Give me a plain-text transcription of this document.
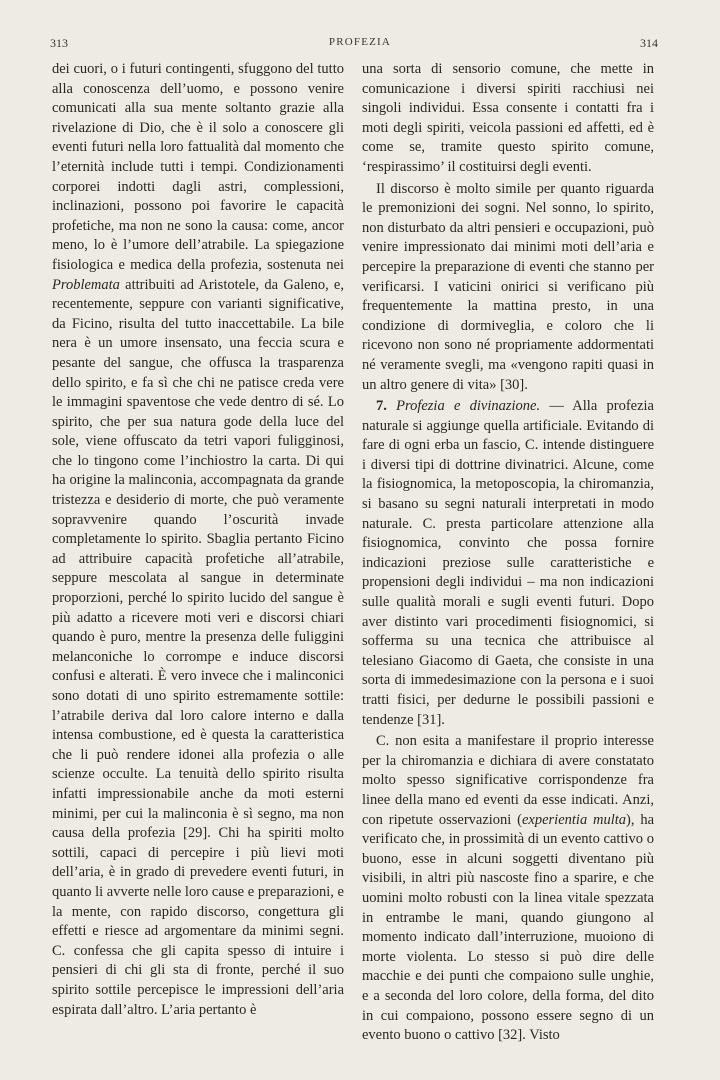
313	PROFEZIA	314

dei cuori, o i futuri contingenti, sfuggono del tutto alla conoscenza dell’uomo, e possono venire comunicati alla sua mente soltanto grazie alla rivelazione di Dio, che è il solo a conoscere gli eventi futuri nella loro fattualità dal momento che l’eternità include tutti i tempi. Condizionamenti corporei indotti dagli astri, complessioni, inclinazioni, possono poi favorire le capacità profetiche, ma non ne sono la causa: come, ancor meno, lo è l’umore dell’atrabile. La spiegazione fisiologica e medica della profezia, sostenuta nei Problemata attribuiti ad Aristotele, da Galeno, e, recentemente, seppure con varianti significative, da Ficino, risulta del tutto inaccettabile. La bile nera è un umore insensato, una feccia scura e pesante del sangue, che offusca la trasparenza dello spirito, e fa sì che chi ne patisce creda vere le immagini spaventose che vede dentro di sé. Lo spirito, che per sua natura gode della luce del sole, viene offuscato da tetri vapori fuligginosi, che lo tingono come l’inchiostro la carta. Di qui ha origine la malinconia, accompagnata da grande tristezza e desiderio di morte, che può veramente sopravvenire quando l’oscurità invade completamente lo spirito. Sbaglia pertanto Ficino ad attribuire capacità profetiche all’atrabile, seppure mescolata al sangue in determinate proporzioni, perché lo spirito lucido del sangue è più adatto a ricevere moti veri e discorsi chiari quando è puro, mentre la presenza delle fuliggini melanconiche lo corrompe e induce discorsi confusi e alterati. È vero invece che i malinconici sono dotati di uno spirito estremamente sottile: l’atrabile deriva dal loro calore interno e dalla intensa combustione, ed è questa la caratteristica che li può rendere idonei alla profezia o alle scienze occulte. La tenuità dello spirito risulta infatti impressionabile anche da moti esterni minimi, per cui la malinconia è sì segno, ma non causa della profezia [29]. Chi ha spiriti molto sottili, capaci di percepire i più lievi moti dell’aria, è in grado di prevedere eventi futuri, in quanto li avverte nelle loro cause e preparazioni, e la mente, con rapido discorso, congettura gli effetti e riesce ad argomentare da minimi segni. C. confessa che gli capita spesso di intuire i pensieri di chi gli sta di fronte, perché il suo spirito sottile percepisce le impressioni dell’aria espirata dall’altro. L’aria pertanto è

una sorta di sensorio comune, che mette in comunicazione i diversi spiriti racchiusi nei singoli individui. Essa consente i contatti fra i moti degli spiriti, veicola passioni ed affetti, ed è come se, tramite questo spirito comune, ‘respirassimo’ il costituirsi degli eventi.

Il discorso è molto simile per quanto riguarda le premonizioni dei sogni. Nel sonno, lo spirito, non disturbato da altri pensieri e occupazioni, può venire impressionato dai minimi moti dell’aria e percepire la preparazione di eventi che stanno per verificarsi. I vaticini onirici si verificano più frequentemente la mattina presto, in una condizione di dormiveglia, e coloro che li ricevono non sono né propriamente addormentati né veramente svegli, ma «vengono rapiti quasi in un altro genere di vita» [30].

7. Profezia e divinazione. — Alla profezia naturale si aggiunge quella artificiale. Evitando di fare di ogni erba un fascio, C. intende distinguere i diversi tipi di dottrine divinatrici. Alcune, come la fisiognomica, la metoposcopia, la chiromanzia, si basano su segni naturali interpretati in modo naturale. C. presta particolare attenzione alla fisiognomica, convinto che possa fornire indicazioni preziose sulle caratteristiche e propensioni degli individui – ma non indicazioni sulle qualità morali e sugli eventi futuri. Dopo aver distinto vari procedimenti fisiognomici, si sofferma su una tecnica che attribuisce al telesiano Giacomo di Gaeta, che consiste in una sorta di immedesimazione con la persona e i suoi tratti fisici, per dedurne le possibili passioni e tendenze [31].

C. non esita a manifestare il proprio interesse per la chiromanzia e dichiara di avere constatato molto spesso significative corrispondenze fra linee della mano ed eventi da esse indicati. Anzi, con ripetute osservazioni (experientia multa), ha verificato che, in prossimità di un evento cattivo o buono, esse in alcuni soggetti diventano più visibili, in altri più nascoste fino a sparire, e che uomini molto robusti con la linea vitale spezzata in entrambe le mani, quando giungono al momento indicato dall’interruzione, muoiono di morte violenta. Lo stesso si può dire delle macchie e dei punti che compaiono sulle unghie, e a seconda del loro colore, della forma, del dito in cui compaiono, possono essere segno di un evento buono o cattivo [32]. Visto
